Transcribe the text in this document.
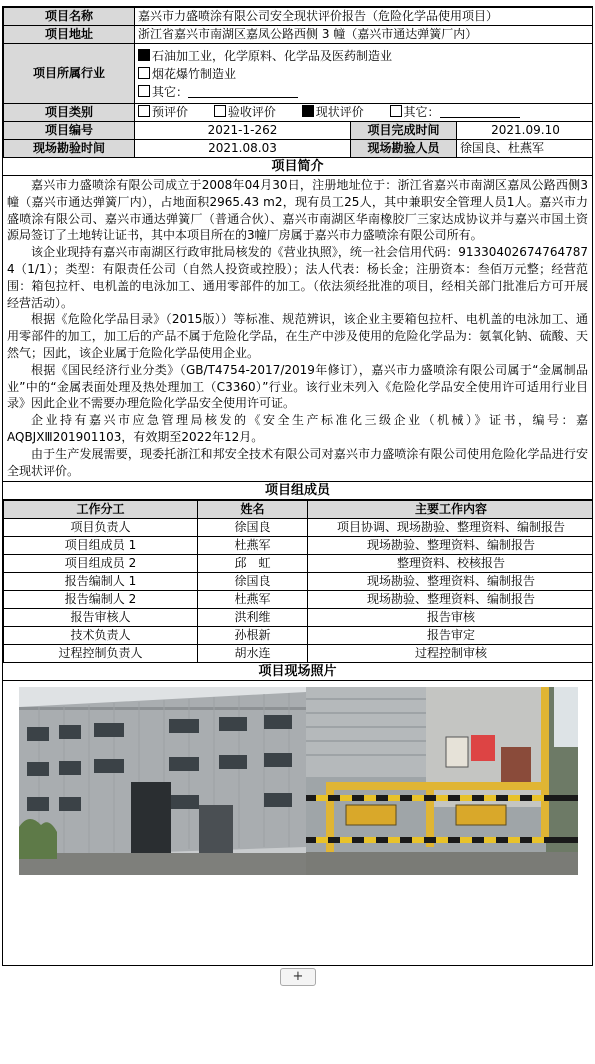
项目名称	嘉兴市力盛喷涂有限公司安全现状评价报告（危险化学品使用项目）		
项目地址	浙江省嘉兴市南湖区嘉凤公路西侧 3 幢（嘉兴市通达弹簧厂内）		
项目所属行业	石油加工业，化学原料、化学品及医药制造业
烟花爆竹制造业
其它：		

项目类别	预评价 验收评价 现状评价 其它：		
项目编号	2021-1-262	项目完成时间	2021.09.10
现场勘验时间	2021.08.03	现场勘验人员	徐国良、杜燕军
项目简介

嘉兴市力盛喷涂有限公司成立于2008年04月30日，注册地址位于：浙江省嘉兴市南湖区嘉凤公路西侧3幢（嘉兴市通达弹簧厂内），占地面积2965.43 m2，现有员工25人，其中兼职安全管理人员1人。嘉兴市力盛喷涂有限公司、嘉兴市通达弹簧厂（普通合伙）、嘉兴市南湖区华南橡胶厂三家达成协议并与嘉兴市国土资源局签订了土地转让证书，其中本项目所在的3幢厂房属于嘉兴市力盛喷涂有限公司所有。

该企业现持有嘉兴市南湖区行政审批局核发的《营业执照》，统一社会信用代码：91330402674764787​4（1/1）；类型：有限责任公司（自然人投资或控股）；法人代表：杨长金；注册资本：叁佰万元整；经营范围：箱包拉杆、电机盖的电泳加工、通用零部件的加工。（依法须经批准的项目，经相关部门批准后方可开展经营活动）。

根据《危险化学品目录》（2015版））等标准、规范辨识，该企业主要箱包拉杆、电机盖的电泳加工、通用零部件的加工，加工后的产品不属于危险化学品，在生产中涉及使用的危险化学品为：氨氧化钠、硫酸、天然气；因此，该企业属于危险化学品使用企业。

根据《国民经济行业分类》（GB/T4754-2017/2019年修订），嘉兴市力盛喷涂有限公司属于“金属制品业”中的“金属表面处理及热处理加工（C3360）”行业。该行业未列入《危险化学品安全使用许可适用行业目录》因此企业不需要办理危险化学品安全使用许可证。

企业持有嘉兴市应急管理局核发的《安全生产标准化三级企业（机械）》证书，编号：嘉AQBJXⅢ201901103，有效期至2022年12月。

由于生产发展需要，现委托浙江和邦安全技术有限公司对嘉兴市力盛喷涂有限公司使用危险化学品进行安全现状评价。

项目组成员
工作分工	姓名	主要工作内容
项目负责人	徐国良	项目协调、现场勘验、整理资料、编制报告
项目组成员 1	杜燕军	现场勘验、整理资料、编制报告
项目组成员 2	邱　虹	整理资料、校核报告
报告编制人 1	徐国良	现场勘验、整理资料、编制报告
报告编制人 2	杜燕军	现场勘验、整理资料、编制报告
报告审核人	洪利维	报告审核
技术负责人	孙根新	报告审定
过程控制负责人	胡水连	过程控制审核
项目现场照片
+
